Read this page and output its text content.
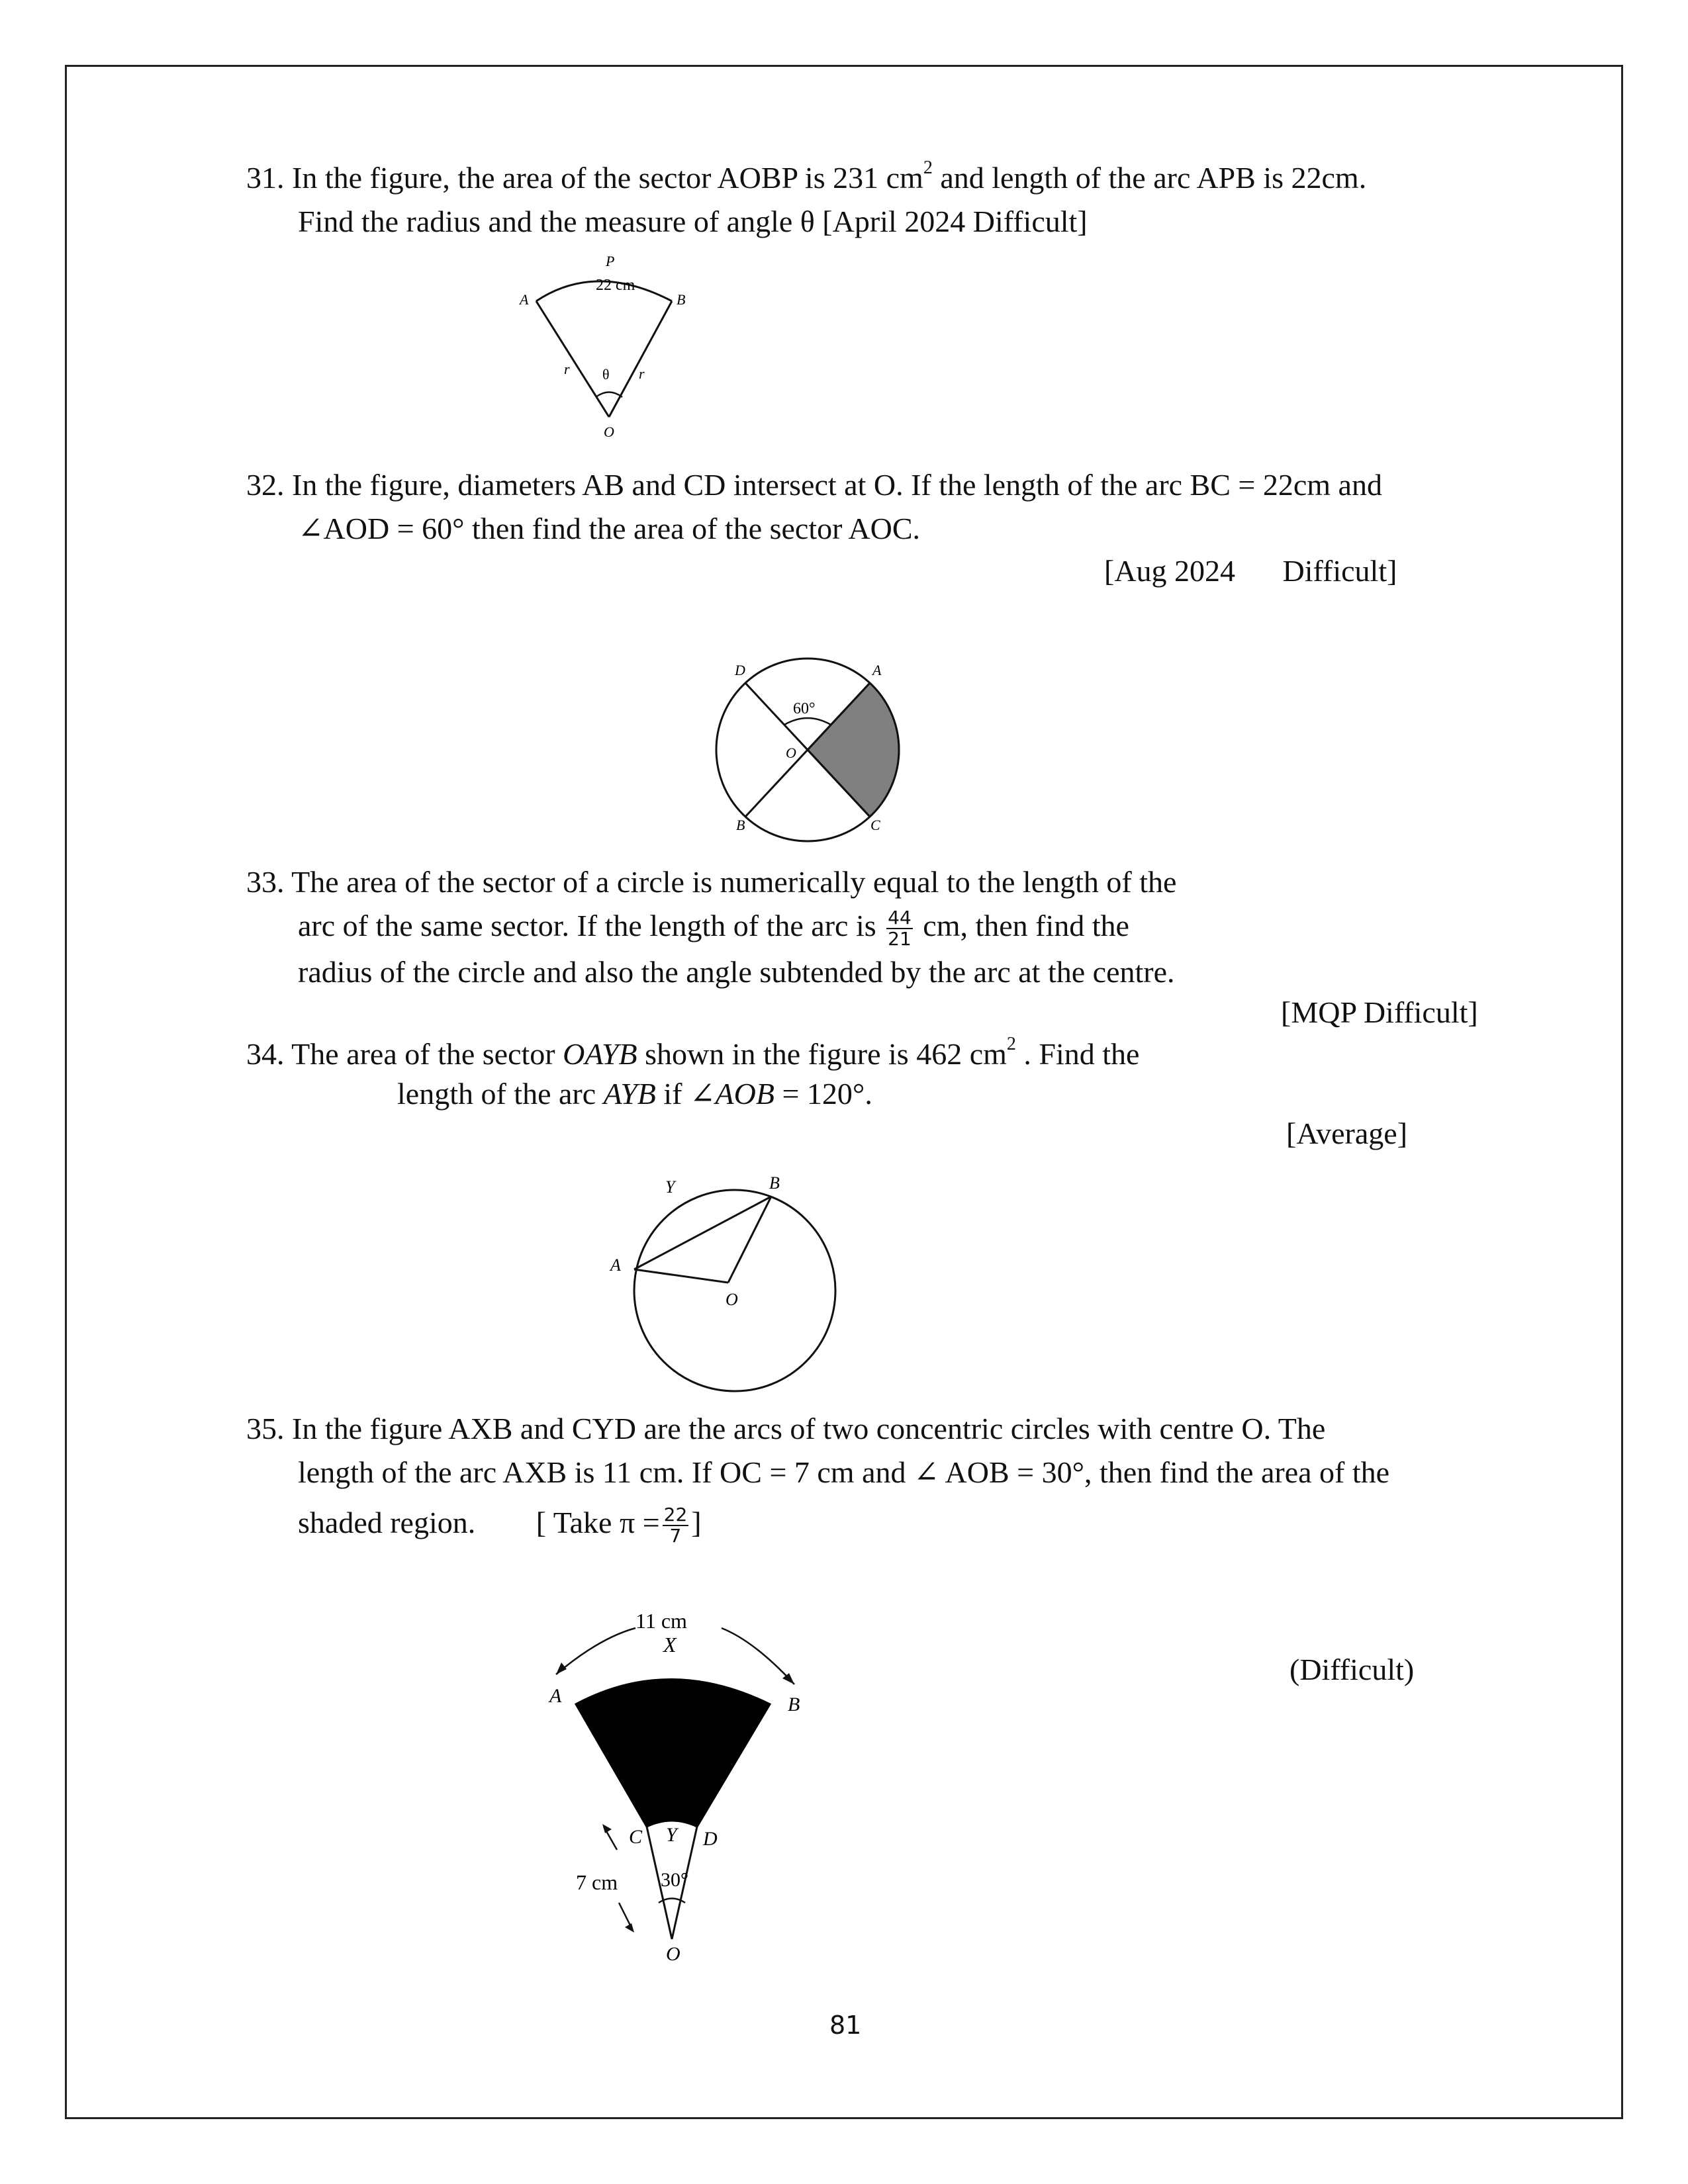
31. In the figure, the area of the sector AOBP is 231 $cm^2$ and length of the arc APB is 22cm.
Find the radius and the measure of angle θ [April 2024 Difficult]
P
22 cm
A	B
r	r
θ
O
32. In the figure, diameters AB and CD intersect at O. If the length of the arc BC = 22cm and
∠AOD = 60° then find the area of the sector AOC.
[Aug 2024 Difficult]
D	A
60°
O
B	C
33. The area of the sector of a circle is numerically equal to the length of the
arc of the same sector. If the length of the arc is $\frac{44}{21}$ cm, then find the
radius of the circle and also the angle subtended by the arc at the centre.
[MQP Difficult]
34. The area of the sector OAYB shown in the figure is 462 $cm^2$ . Find the
length of the arc AYB if ∠AOB = 120°.
[Average]
Y	B
A
O
35. In the figure AXB and CYD are the arcs of two concentric circles with centre O. The
length of the arc AXB is 11 cm. If OC = 7 cm and ∠ AOB = 30°, then find the area of the
shaded region. [ Take $\pi = \frac{22}{7}$ ]
(Difficult)
11 cm
X
A	B
C Y D
30°
7 cm
O
81
